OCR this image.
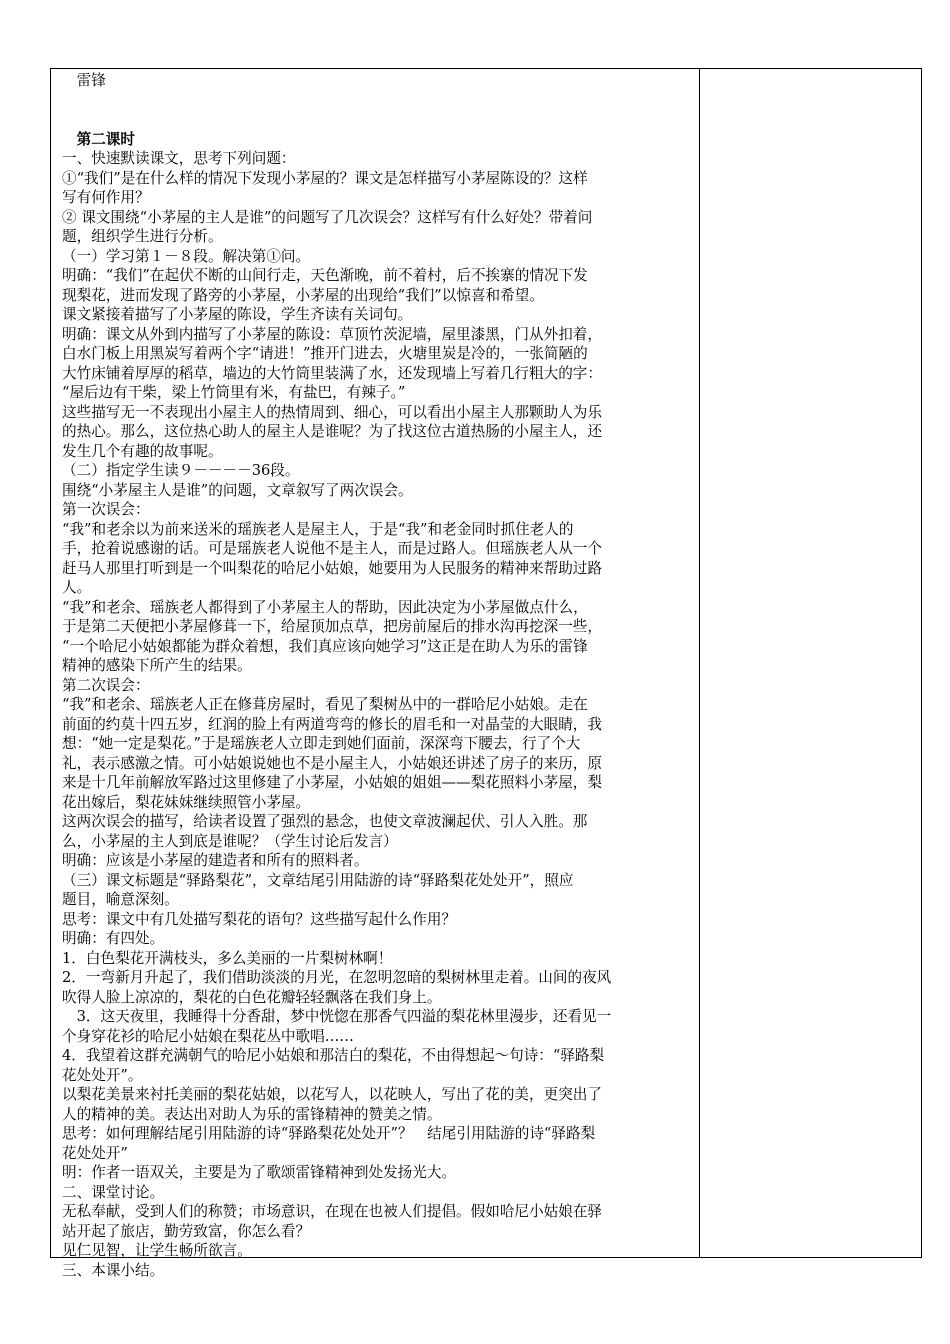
　雷锋
　第二课时
一、快速默读课文，思考下列问题：
①“我们”是在什么样的情况下发现小茅屋的？课文是怎样描写小茅屋陈设的？这样
写有何作用？
② 课文围绕“小茅屋的主人是谁”的问题写了几次误会？这样写有什么好处？带着问
题，组织学生进行分析。
（一）学习第１－８段。解决第①问。
明确：“我们”在起伏不断的山间行走，天色渐晚，前不着村，后不挨寨的情况下发
现梨花，进而发现了路旁的小茅屋，小茅屋的出现给“我们”以惊喜和希望。
课文紧接着描写了小茅屋的陈设，学生齐读有关词句。
明确：课文从外到内描写了小茅屋的陈设：草顶竹茨泥墙，屋里漆黑，门从外扣着，
白水门板上用黑炭写着两个字“请进！”推开门进去，火塘里炭是冷的，一张简陋的
大竹床铺着厚厚的稻草，墙边的大竹筒里装满了水，还发现墙上写着几行粗大的字：
“屋后边有干柴，梁上竹筒里有米，有盐巴，有辣子。”
这些描写无一不表现出小屋主人的热情周到、细心，可以看出小屋主人那颗助人为乐
的热心。那么，这位热心助人的屋主人是谁呢？为了找这位古道热肠的小屋主人，还
发生几个有趣的故事呢。
（二）指定学生读９－－－－36段。
围绕“小茅屋主人是谁”的问题，文章叙写了两次误会。
第一次误会：
“我”和老余以为前来送米的瑶族老人是屋主人，于是“我”和老金同时抓住老人的
手，抢着说感谢的话。可是瑶族老人说他不是主人，而是过路人。但瑶族老人从一个
赶马人那里打听到是一个叫梨花的哈尼小姑娘，她要用为人民服务的精神来帮助过路
人。
“我”和老余、瑶族老人都得到了小茅屋主人的帮助，因此决定为小茅屋做点什么，
于是第二天便把小茅屋修葺一下，给屋顶加点草，把房前屋后的排水沟再挖深一些，
“一个哈尼小姑娘都能为群众着想，我们真应该向她学习”这正是在助人为乐的雷锋
精神的感染下所产生的结果。
第二次误会：
“我”和老余、瑶族老人正在修葺房屋时，看见了梨树丛中的一群哈尼小姑娘。走在
前面的约莫十四五岁，红润的脸上有两道弯弯的修长的眉毛和一对晶莹的大眼睛，我
想：“她一定是梨花。”于是瑶族老人立即走到她们面前，深深弯下腰去，行了个大
礼，表示感激之情。可小姑娘说她也不是小屋主人，小姑娘还讲述了房子的来历，原
来是十几年前解放军路过这里修建了小茅屋，小姑娘的姐姐——梨花照料小茅屋，梨
花出嫁后，梨花妹妹继续照管小茅屋。
这两次误会的描写，给读者设置了强烈的悬念，也使文章波澜起伏、引人入胜。那
么，小茅屋的主人到底是谁呢？（学生讨论后发言）
明确：应该是小茅屋的建造者和所有的照料者。
（三）课文标题是“驿路梨花”，文章结尾引用陆游的诗“驿路梨花处处开”，照应
题目，喻意深刻。
思考：课文中有几处描写梨花的语句？这些描写起什么作用？
明确：有四处。
1．白色梨花开满枝头，多么美丽的一片梨树林啊！
2．一弯新月升起了，我们借助淡淡的月光，在忽明忽暗的梨树林里走着。山间的夜风
吹得人脸上凉凉的，梨花的白色花瓣轻轻飘落在我们身上。
　3．这天夜里，我睡得十分香甜，梦中恍惚在那香气四溢的梨花林里漫步，还看见一
个身穿花衫的哈尼小姑娘在梨花丛中歌唱……
4．我望着这群充满朝气的哈尼小姑娘和那洁白的梨花，不由得想起～句诗：“驿路梨
花处处开”。
以梨花美景来衬托美丽的梨花姑娘，以花写人，以花映人，写出了花的美，更突出了
人的精神的美。表达出对助人为乐的雷锋精神的赞美之情。
思考：如何理解结尾引用陆游的诗“驿路梨花处处开”？　结尾引用陆游的诗“驿路梨
花处处开”
明：作者一语双关，主要是为了歌颂雷锋精神到处发扬光大。
二、课堂讨论。
无私奉献，受到人们的称赞；市场意识，在现在也被人们提倡。假如哈尼小姑娘在驿
站开起了旅店，勤劳致富，你怎么看？
见仁见智，让学生畅所欲言。
三、本课小结。
